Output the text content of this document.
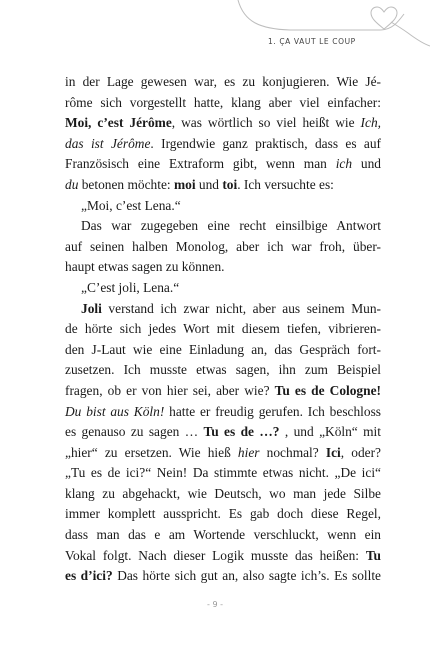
1. ÇA VAUT LE COUP
in der Lage gewesen war, es zu konjugieren. Wie Jé-
rôme sich vorgestellt hatte, klang aber viel einfacher:
Moi, c’est Jérôme, was wörtlich so viel heißt wie Ich,
das ist Jérôme. Irgendwie ganz praktisch, dass es auf
Französisch eine Extraform gibt, wenn man ich und
du betonen möchte: moi und toi. Ich versuchte es:
„Moi, c’est Lena.“
Das war zugegeben eine recht einsilbige Antwort
auf seinen halben Monolog, aber ich war froh, über-
haupt etwas sagen zu können.
„C’est joli, Lena.“
Joli verstand ich zwar nicht, aber aus seinem Mun-
de hörte sich jedes Wort mit diesem tiefen, vibrieren-
den J-Laut wie eine Einladung an, das Gespräch fort-
zusetzen. Ich musste etwas sagen, ihn zum Beispiel
fragen, ob er von hier sei, aber wie? Tu es de Cologne!
Du bist aus Köln! hatte er freudig gerufen. Ich beschloss
es genauso zu sagen … Tu es de …? , und „Köln“ mit
„hier“ zu ersetzen. Wie hieß hier nochmal? Ici, oder?
„Tu es de ici?“ Nein! Da stimmte etwas nicht. „De ici“
klang zu abgehackt, wie Deutsch, wo man jede Silbe
immer komplett ausspricht. Es gab doch diese Regel,
dass man das e am Wortende verschluckt, wenn ein
Vokal folgt. Nach dieser Logik musste das heißen: Tu
es d’ici? Das hörte sich gut an, also sagte ich’s. Es sollte
- 9 -
